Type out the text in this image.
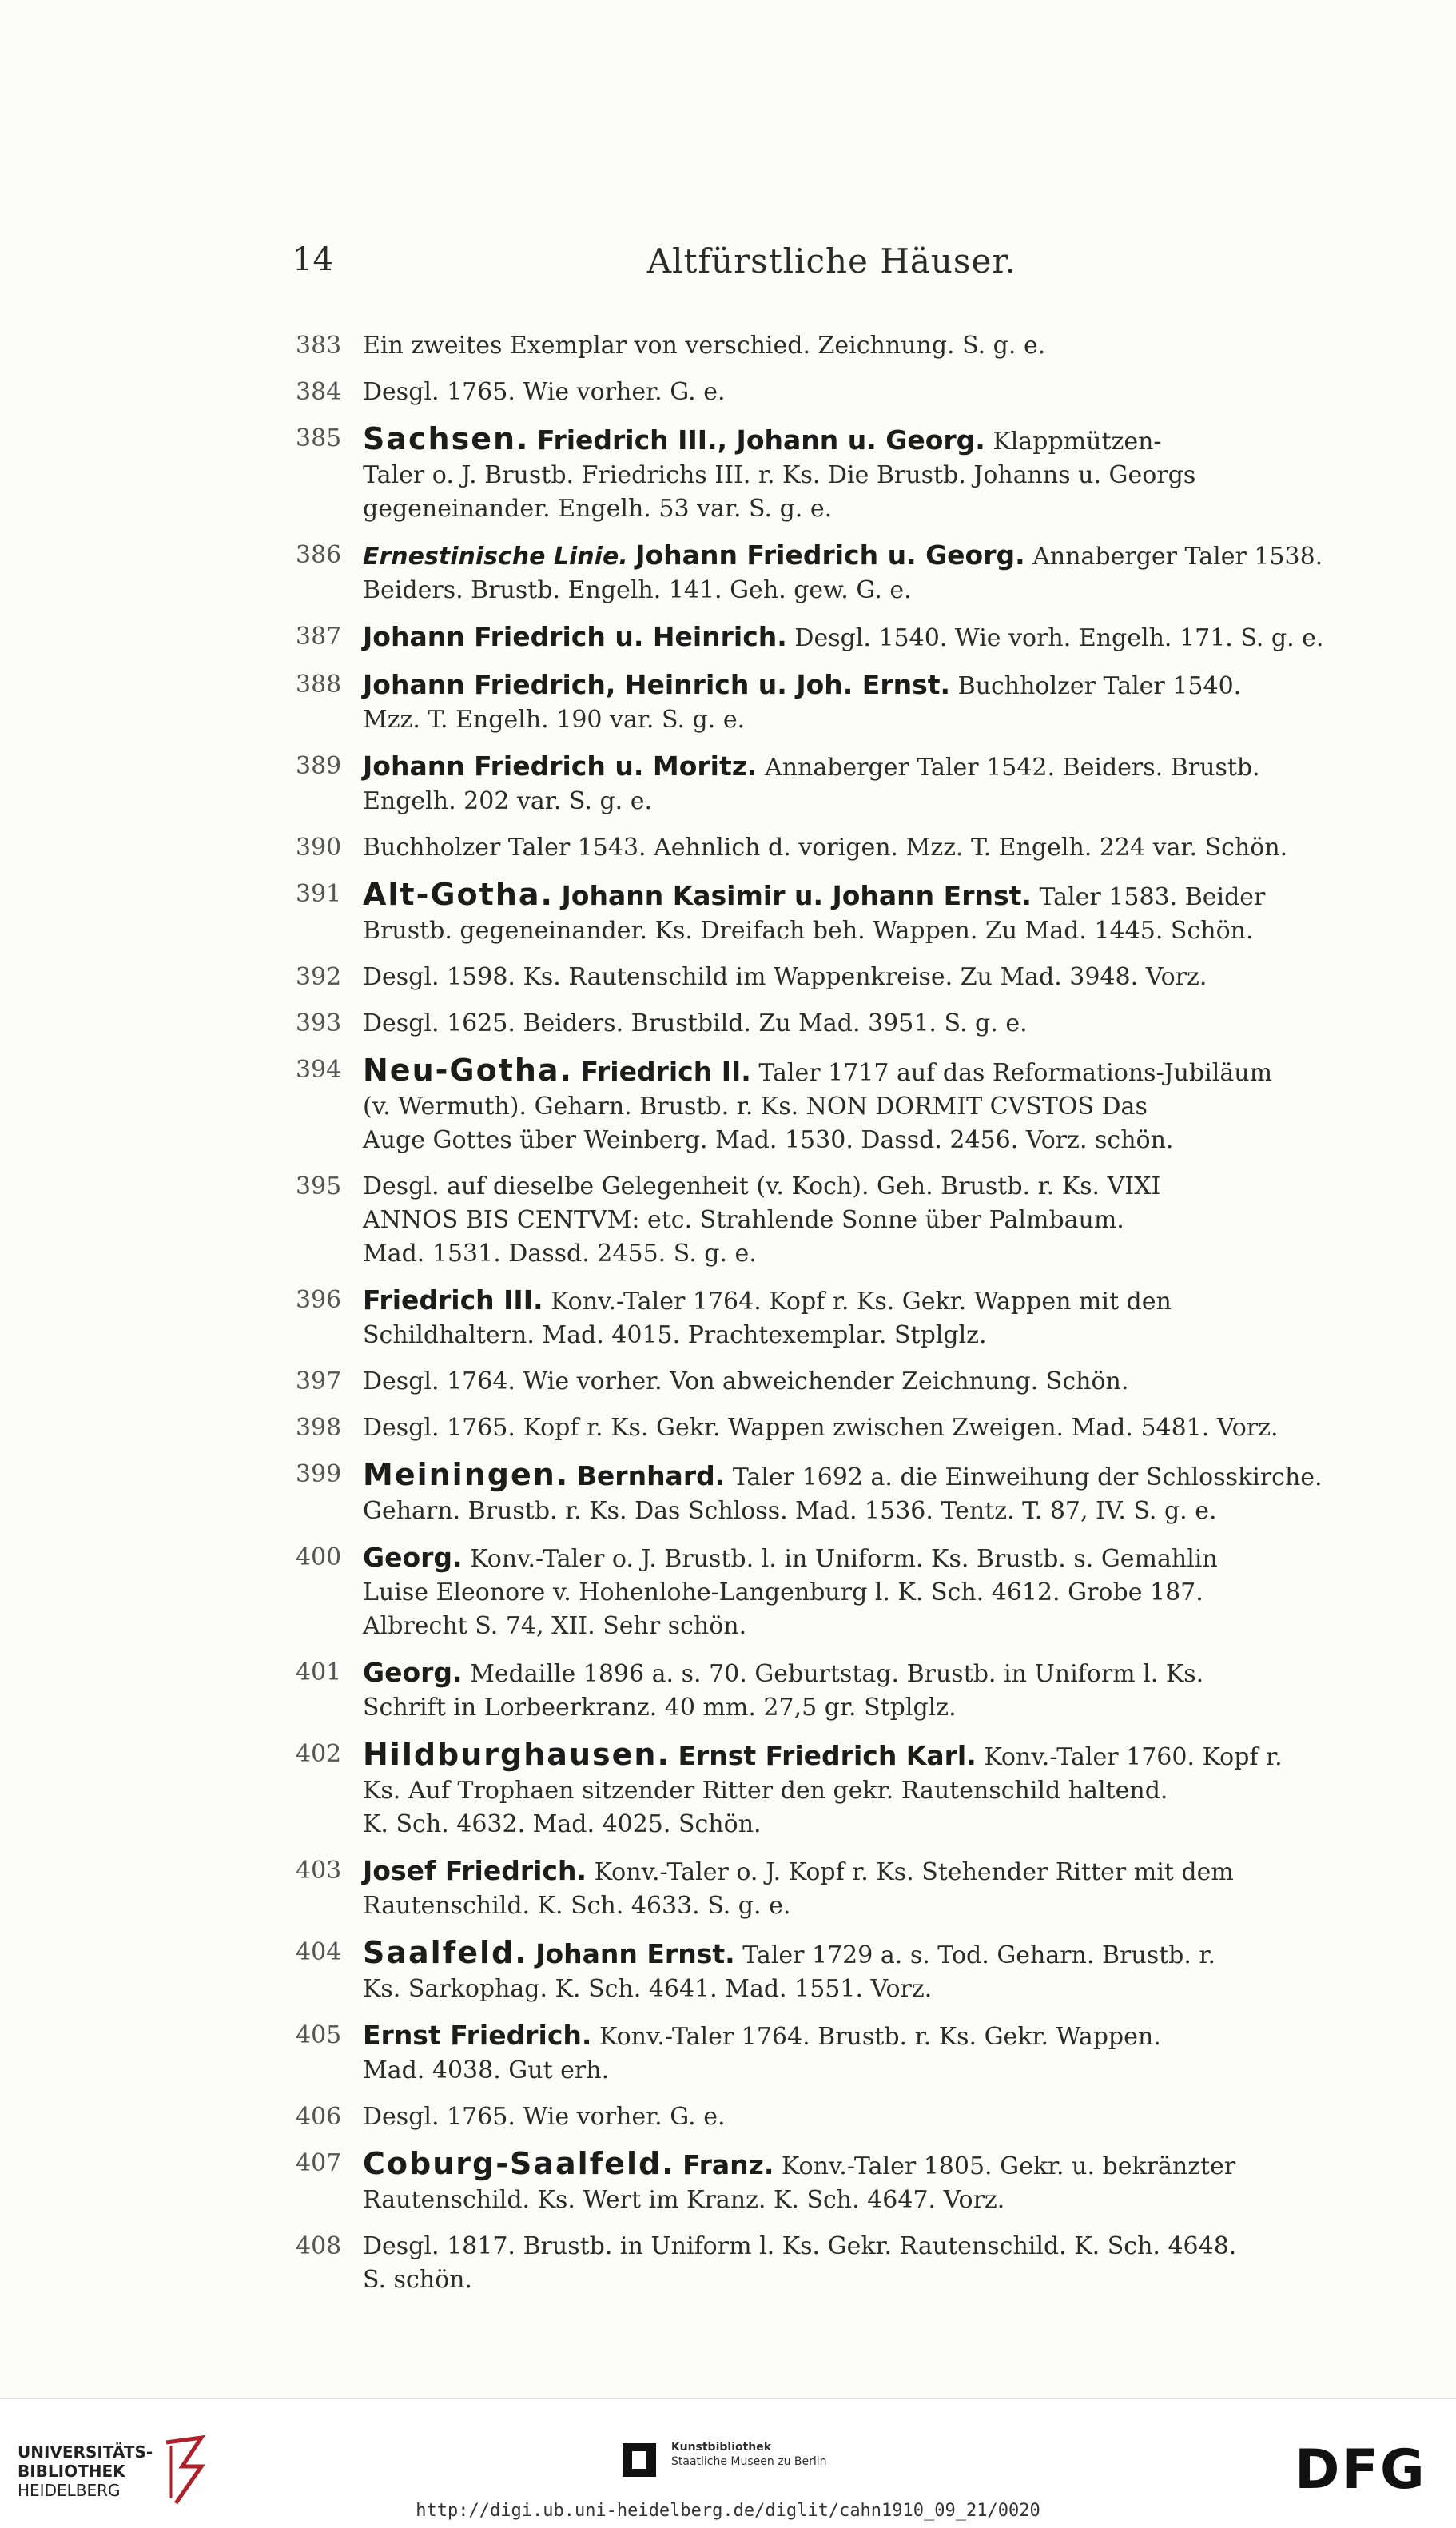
14	Altfürstliche Häuser.
383 Ein zweites Exemplar von verschied. Zeichnung. S. g. e.
384 Desgl. 1765. Wie vorher. G. e.
385 Sachsen. Friedrich III., Johann u. Georg. Klappmützen-
Taler o. J. Brustb. Friedrichs III. r. Ks. Die Brustb. Johanns u. Georgs
gegeneinander. Engelh. 53 var. S. g. e.
386 Ernestinische Linie. Johann Friedrich u. Georg. Annaberger Taler 1538.
Beiders. Brustb. Engelh. 141. Geh. gew. G. e.
387 Johann Friedrich u. Heinrich. Desgl. 1540. Wie vorh. Engelh. 171. S. g. e.
388 Johann Friedrich, Heinrich u. Joh. Ernst. Buchholzer Taler 1540.
Mzz. T. Engelh. 190 var. S. g. e.
389 Johann Friedrich u. Moritz. Annaberger Taler 1542. Beiders. Brustb.
Engelh. 202 var. S. g. e.
390 Buchholzer Taler 1543. Aehnlich d. vorigen. Mzz. T. Engelh. 224 var. Schön.
391 Alt-Gotha. Johann Kasimir u. Johann Ernst. Taler 1583. Beider
Brustb. gegeneinander. Ks. Dreifach beh. Wappen. Zu Mad. 1445. Schön.
392 Desgl. 1598. Ks. Rautenschild im Wappenkreise. Zu Mad. 3948. Vorz.
393 Desgl. 1625. Beiders. Brustbild. Zu Mad. 3951. S. g. e.
394 Neu-Gotha. Friedrich II. Taler 1717 auf das Reformations-Jubiläum
(v. Wermuth). Geharn. Brustb. r. Ks. NON DORMIT CVSTOS Das
Auge Gottes über Weinberg. Mad. 1530. Dassd. 2456. Vorz. schön.
395 Desgl. auf dieselbe Gelegenheit (v. Koch). Geh. Brustb. r. Ks. VIXI
ANNOS BIS CENTVM: etc. Strahlende Sonne über Palmbaum.
Mad. 1531. Dassd. 2455. S. g. e.
396 Friedrich III. Konv.-Taler 1764. Kopf r. Ks. Gekr. Wappen mit den
Schildhaltern. Mad. 4015. Prachtexemplar. Stplglz.
397 Desgl. 1764. Wie vorher. Von abweichender Zeichnung. Schön.
398 Desgl. 1765. Kopf r. Ks. Gekr. Wappen zwischen Zweigen. Mad. 5481. Vorz.
399 Meiningen. Bernhard. Taler 1692 a. die Einweihung der Schlosskirche.
Geharn. Brustb. r. Ks. Das Schloss. Mad. 1536. Tentz. T. 87, IV. S. g. e.
400 Georg. Konv.-Taler o. J. Brustb. l. in Uniform. Ks. Brustb. s. Gemahlin
Luise Eleonore v. Hohenlohe-Langenburg l. K. Sch. 4612. Grobe 187.
Albrecht S. 74, XII. Sehr schön.
401 Georg. Medaille 1896 a. s. 70. Geburtstag. Brustb. in Uniform l. Ks.
Schrift in Lorbeerkranz. 40 mm. 27,5 gr. Stplglz.
402 Hildburghausen. Ernst Friedrich Karl. Konv.-Taler 1760. Kopf r.
Ks. Auf Trophaen sitzender Ritter den gekr. Rautenschild haltend.
K. Sch. 4632. Mad. 4025. Schön.
403 Josef Friedrich. Konv.-Taler o. J. Kopf r. Ks. Stehender Ritter mit dem
Rautenschild. K. Sch. 4633. S. g. e.
404 Saalfeld. Johann Ernst. Taler 1729 a. s. Tod. Geharn. Brustb. r.
Ks. Sarkophag. K. Sch. 4641. Mad. 1551. Vorz.
405 Ernst Friedrich. Konv.-Taler 1764. Brustb. r. Ks. Gekr. Wappen.
Mad. 4038. Gut erh.
406 Desgl. 1765. Wie vorher. G. e.
407 Coburg-Saalfeld. Franz. Konv.-Taler 1805. Gekr. u. bekränzter
Rautenschild. Ks. Wert im Kranz. K. Sch. 4647. Vorz.
408 Desgl. 1817. Brustb. in Uniform l. Ks. Gekr. Rautenschild. K. Sch. 4648.
S. schön.
UNIVERSITÄTS-
BIBLIOTHEK
HEIDELBERG
Kunstbibliothek
Staatliche Museen zu Berlin	DFG
http://digi.ub.uni-heidelberg.de/diglit/cahn1910_09_21/0020
